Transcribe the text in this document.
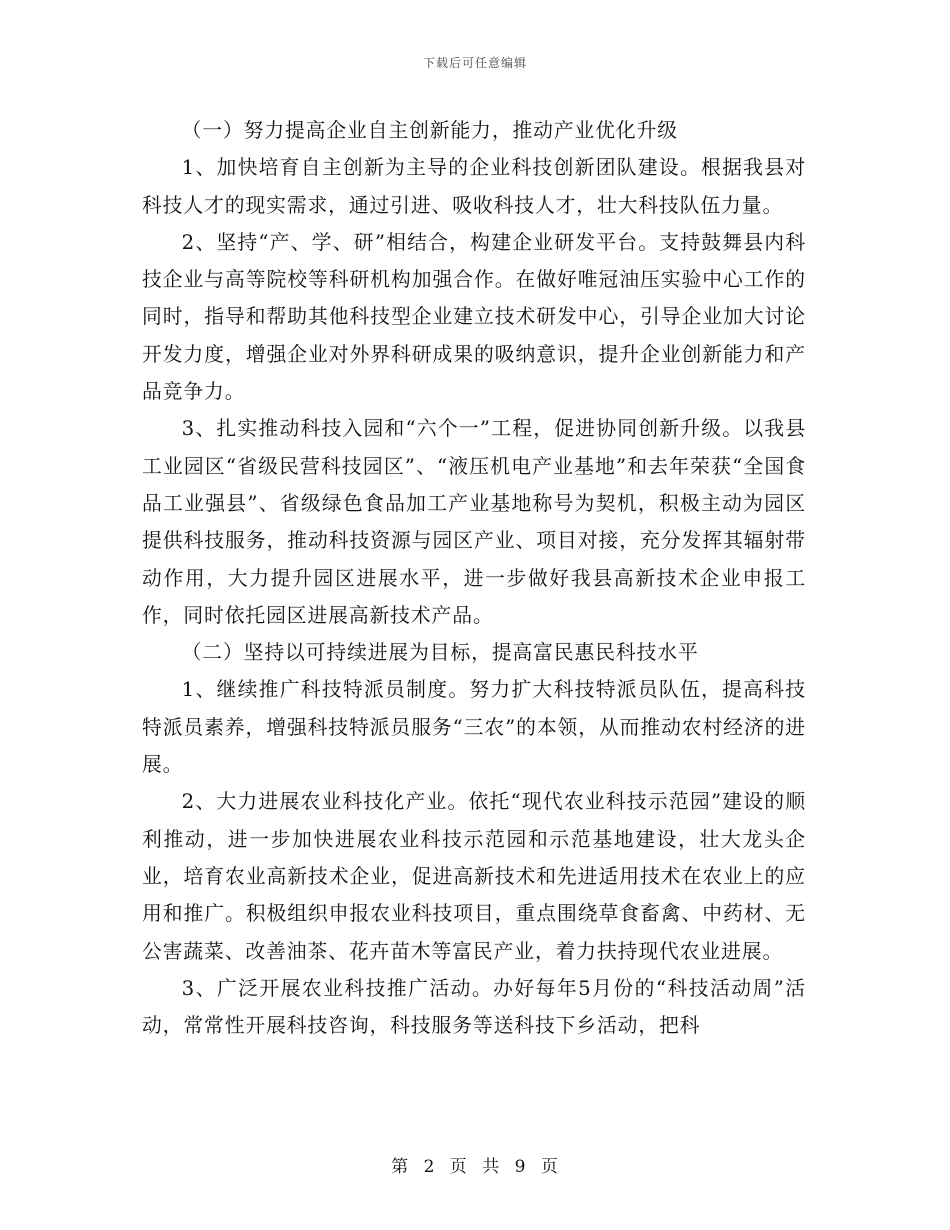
下载后可任意编辑

（一）努力提高企业自主创新能力，推动产业优化升级

1、加快培育自主创新为主导的企业科技创新团队建设。根据我县对科技人才的现实需求，通过引进、吸收科技人才，壮大科技队伍力量。

2、坚持“产、学、研”相结合，构建企业研发平台。支持鼓舞县内科技企业与高等院校等科研机构加强合作。在做好唯冠油压实验中心工作的同时，指导和帮助其他科技型企业建立技术研发中心，引导企业加大讨论开发力度，增强企业对外界科研成果的吸纳意识，提升企业创新能力和产品竞争力。

3、扎实推动科技入园和“六个一”工程，促进协同创新升级。以我县工业园区“省级民营科技园区”、“液压机电产业基地”和去年荣获“全国食品工业强县”、省级绿色食品加工产业基地称号为契机，积极主动为园区提供科技服务，推动科技资源与园区产业、项目对接，充分发挥其辐射带动作用，大力提升园区进展水平，进一步做好我县高新技术企业申报工作，同时依托园区进展高新技术产品。

（二）坚持以可持续进展为目标，提高富民惠民科技水平

1、继续推广科技特派员制度。努力扩大科技特派员队伍，提高科技特派员素养，增强科技特派员服务“三农”的本领，从而推动农村经济的进展。

2、大力进展农业科技化产业。依托“现代农业科技示范园”建设的顺利推动，进一步加快进展农业科技示范园和示范基地建设，壮大龙头企业，培育农业高新技术企业，促进高新技术和先进适用技术在农业上的应用和推广。积极组织申报农业科技项目，重点围绕草食畜禽、中药材、无公害蔬菜、改善油茶、花卉苗木等富民产业，着力扶持现代农业进展。

3、广泛开展农业科技推广活动。办好每年5月份的“科技活动周”活动，常常性开展科技咨询，科技服务等送科技下乡活动，把科

第 2 页 共 9 页
